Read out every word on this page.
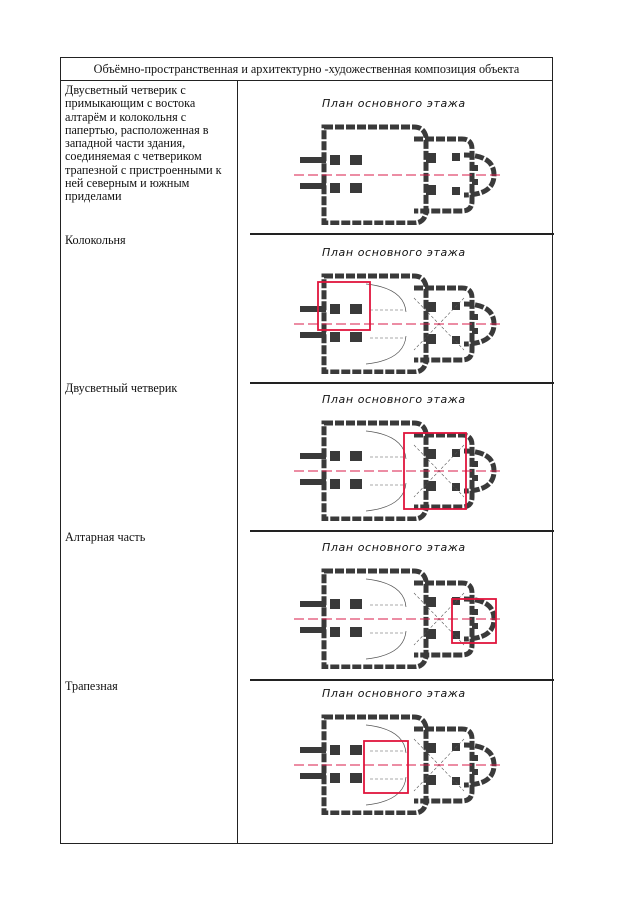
Объёмно-пространственная и архитектурно -художественная композиция объекта
Двусветный четверик с примыкающим с востока алтарём и колокольня с папертью, расположенная в западной части здания, соединяемая с четвериком трапезной с пристроенными к ней северным и южным приделами
Колокольня
Двусветный четверик
Алтарная часть
Трапезная
План основного этажа
План основного этажа
План основного этажа
План основного этажа
План основного этажа
